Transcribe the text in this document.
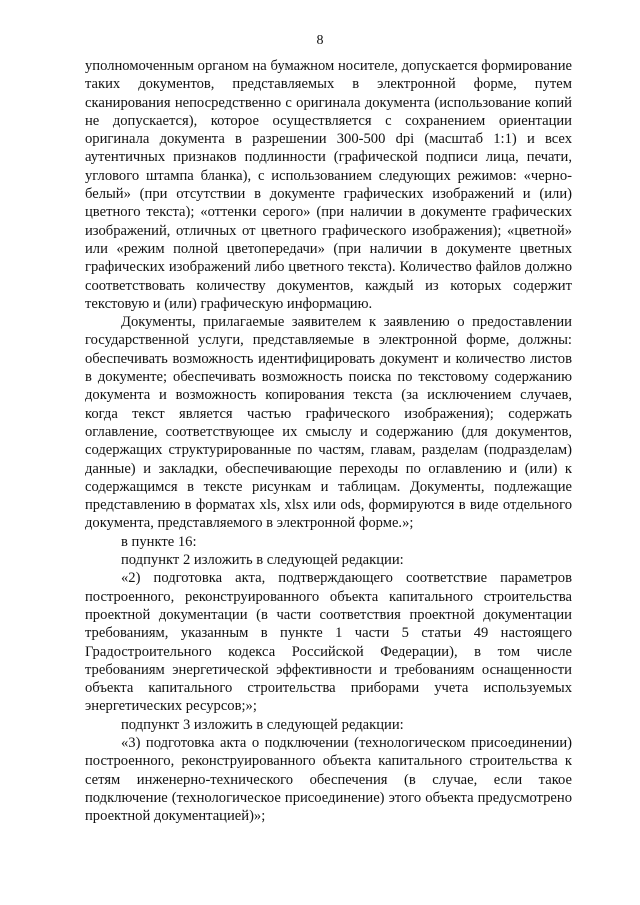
8

уполномоченным органом на бумажном носителе, допускается формирование таких документов, представляемых в электронной форме, путем сканирования непосредственно с оригинала документа (использование копий не допускается), которое осуществляется с сохранением ориентации оригинала документа в разрешении 300-500 dpi (масштаб 1:1) и всех аутентичных признаков подлинности (графической подписи лица, печати, углового штампа бланка), с использованием следующих режимов: «черно-белый» (при отсутствии в документе графических изображений и (или) цветного текста); «оттенки серого» (при наличии в документе графических изображений, отличных от цветного графического изображения); «цветной» или «режим полной цветопередачи» (при наличии в документе цветных графических изображений либо цветного текста). Количество файлов должно соответствовать количеству документов, каждый из которых содержит текстовую и (или) графическую информацию.

Документы, прилагаемые заявителем к заявлению о предоставлении государственной услуги, представляемые в электронной форме, должны: обеспечивать возможность идентифицировать документ и количество листов в документе; обеспечивать возможность поиска по текстовому содержанию документа и возможность копирования текста (за исключением случаев, когда текст является частью графического изображения); содержать оглавление, соответствующее их смыслу и содержанию (для документов, содержащих структурированные по частям, главам, разделам (подразделам) данные) и закладки, обеспечивающие переходы по оглавлению и (или) к содержащимся в тексте рисункам и таблицам. Документы, подлежащие представлению в форматах xls, xlsx или ods, формируются в виде отдельного документа, представляемого в электронной форме.»;

в пункте 16:

подпункт 2 изложить в следующей редакции:

«2) подготовка акта, подтверждающего соответствие параметров построенного, реконструированного объекта капитального строительства проектной документации (в части соответствия проектной документации требованиям, указанным в пункте 1 части 5 статьи 49 настоящего Градостроительного кодекса Российской Федерации), в том числе требованиям энергетической эффективности и требованиям оснащенности объекта капитального строительства приборами учета используемых энергетических ресурсов;»;

подпункт 3 изложить в следующей редакции:

«3) подготовка акта о подключении (технологическом присоединении) построенного, реконструированного объекта капитального строительства к сетям инженерно-технического обеспечения (в случае, если такое подключение (технологическое присоединение) этого объекта предусмотрено проектной документацией)»;
